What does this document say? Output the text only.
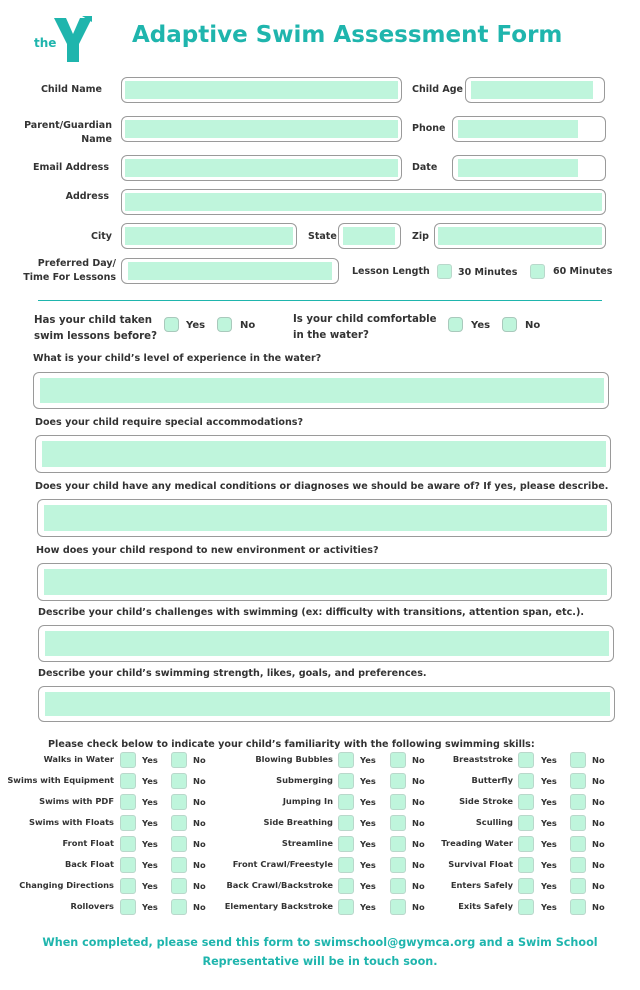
the
YMCA
Adaptive Swim Assessment Form
Child Name	Child Age
Parent/Guardian
Name
Phone
Email Address	Date
Address
City	State	Zip
Preferred Day/
Time For Lessons
Lesson Length	30 Minutes	60 Minutes
Has your child taken
swim lessons before?
Yes	No
Is your child comfortable
in the water?
Yes	No
What is your child’s level of experience in the water?
Does your child require special accommodations?
Does your child have any medical conditions or diagnoses we should be aware of? If yes, please describe.
How does your child respond to new environment or activities?
Describe your child’s challenges with swimming (ex: difficulty with transitions, attention span, etc.).
Describe your child’s swimming strength, likes, goals, and preferences.
Please check below to indicate your child’s familiarity with the following swimming skills:
Walks in Water	Yes	No
Swims with Equipment	Yes	No
Swims with PDF	Yes	No
Swims with Floats	Yes	No
Front Float	Yes	No
Back Float	Yes	No
Changing Directions	Yes	No
Rollovers	Yes	No
Blowing Bubbles	Yes	No
Submerging	Yes	No
Jumping In	Yes	No
Side Breathing	Yes	No
Streamline	Yes	No
Front Crawl/Freestyle	Yes	No
Back Crawl/Backstroke	Yes	No
Elementary Backstroke	Yes	No
Breaststroke	Yes	No
Butterfly	Yes	No
Side Stroke	Yes	No
Sculling	Yes	No
Treading Water	Yes	No
Survival Float	Yes	No
Enters Safely	Yes	No
Exits Safely	Yes	No
When completed, please send this form to swimschool@gwymca.org and a Swim School
Representative will be in touch soon.
